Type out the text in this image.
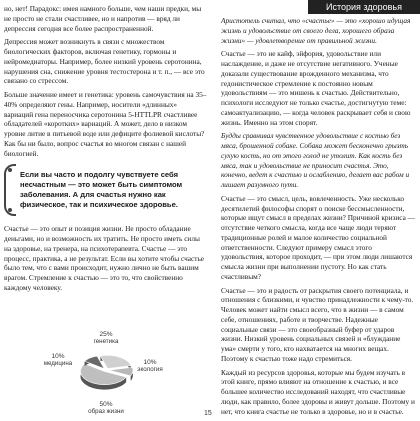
История здоровья

но, нет! Парадокс: имея намного больше, чем наши предки, мы не просто не стали счастливее, но и напротив — вряд ли депрессия сегодня все более распространенной.

Депрессия может возникнуть в связи с множеством биологических факторов, включая генетику, гормоны и нейромедиаторы. Например, более низкий уровень серотонина, нарушения сна, снижение уровня тестостерона и т. п., — все это связано со стрессом.

Больше значение имеет и генетика: уровень самочувствия на 35–40% определяют гены. Например, носители «длинных» вариаций гена переносчика серотонина 5-HTTLPR счастливее обладателей «коротких» вариаций. А может, дело в низком уровне литие в питьевой воде или дефиците фолиевой кислоты? Как бы ни было, вопрос счастья во многом связан с нашей биологией.

Если вы часто и подолгу чувствуете себя несчастным — это может быть симптомом заболевания. А для счастья нужно как физическое, так и психическое здоровье.

Счастье — это опыт и позиция жизни. Не просто обладание деньгами, но и возможность их тратить. Не просто иметь силы на здоровье, на тренера, на психотерапевта. Счастье — это процесс, практика, а не результат. Если вы хотите чтобы счастье было тем, что с вами происходит, нужно лично не быть вашим врагом. Стремление к счастью — это то, что свойственно каждому человеку.

25%
генетика
10%
экология
50%
образ жизни
10%
медицина

Аристотель считал, что «счастье» — это «хорошо идущая жизнь и удовольствие от своего дела, хорошего образа жизни» — удовлетворение от правильной жизни.

Счастье — это не кайф, эйфория, удовольствие или наслаждение, и даже не отсутствие негативного. Ученые доказали существование врожденного механизма, что гедонистическое стремление к постоянно новым удовольствиям — это мишень к счастью. Действительно, психологи исследуют не только счастье, достигнутую теме: самоактуализацию, — когда человек раскрывает себя и свою жизнь. Именно на этом спорят.

Будды сравнивал чувственное удовольствие с костью без мяса, брошенной собаке. Собака может бесконечно грызть сухую кость, но от этого голод не утолит. Как кость без мяса, так и удовольствие не приносит счастья. Это, конечно, ведет к счастью и ослаблению, делает вас рабом и лишает разумного пути.

Счастье — это смысл, цель, вовлеченность. Уже несколько десятилетий философы спорят о поиске бессмысленности, которые ищут смысл в пределах жизни? Причиной кризиса — отсутствие четкого смысла, когда все чаще люди теряют традиционные ролей и малое количество социальной ответственности. Следуют примеру смысл этого удовольствия, которое проходит, — при этом люди лишаются смысла жизни при выполнении пустоту. Но как стать счастливым?

Счастье — это и радость от раскрытия своего потенциала, и отношения с близкими, и чувство принадлежности к чему-то. Человек может найти смысл всего, что в жизни — в самом себе, отношениях, работе и творчестве. Надежные социальные связи — это своеобразный буфер от ударов жизни. Низкий уровень социальных связей и «блуждание ума» смерти у того, кто нахватается на многих вещах. Поэтому к счастью тоже надо стремиться.

Каждый из ресурсов здоровья, которые мы будем изучать в этой книге, прямо влияют на отношение к счастью, и все большее количество исследований находят, что счастливые люди, как правило, более здоровы и живут дольше. Поэтому и нет, что книга счастье не только в здоровье, но и в счастье.

15
